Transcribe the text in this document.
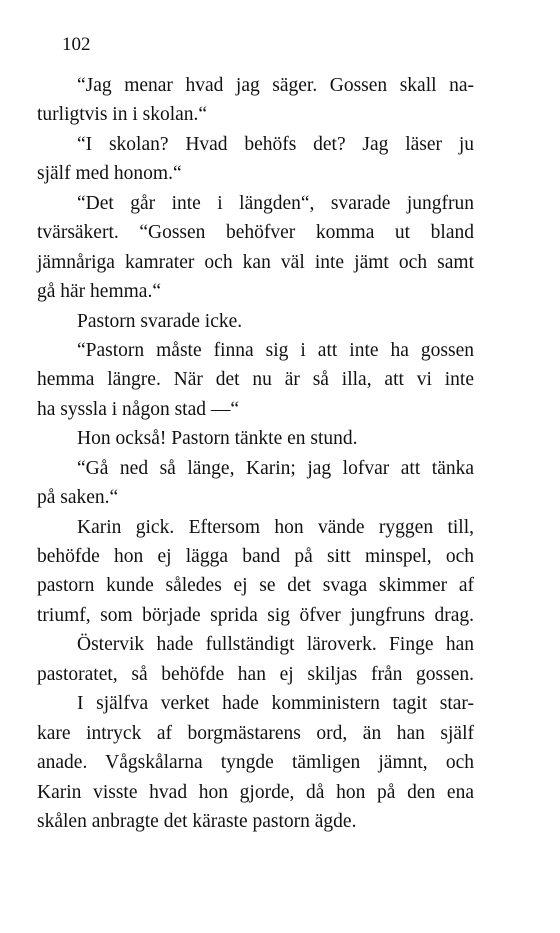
102

“Jag menar hvad jag säger. Gossen skall na-

turligtvis in i skolan.“

“I skolan? Hvad behöfs det? Jag läser ju

själf med honom.“

“Det går inte i längden“, svarade jungfrun

tvärsäkert. “Gossen behöfver komma ut bland

jämnåriga kamrater och kan väl inte jämt och samt

gå här hemma.“

Pastorn svarade icke.

“Pastorn måste finna sig i att inte ha gossen

hemma längre. När det nu är så illa, att vi inte

ha syssla i någon stad —“

Hon också! Pastorn tänkte en stund.

“Gå ned så länge, Karin; jag lofvar att tänka

på saken.“

Karin gick. Eftersom hon vände ryggen till,

behöfde hon ej lägga band på sitt minspel, och

pastorn kunde således ej se det svaga skimmer af

triumf, som började sprida sig öfver jungfruns drag.

Östervik hade fullständigt läroverk. Finge han

pastoratet, så behöfde han ej skiljas från gossen.

I själfva verket hade komministern tagit star-

kare intryck af borgmästarens ord, än han själf

anade. Vågskålarna tyngde tämligen jämnt, och

Karin visste hvad hon gjorde, då hon på den ena

skålen anbragte det käraste pastorn ägde.
